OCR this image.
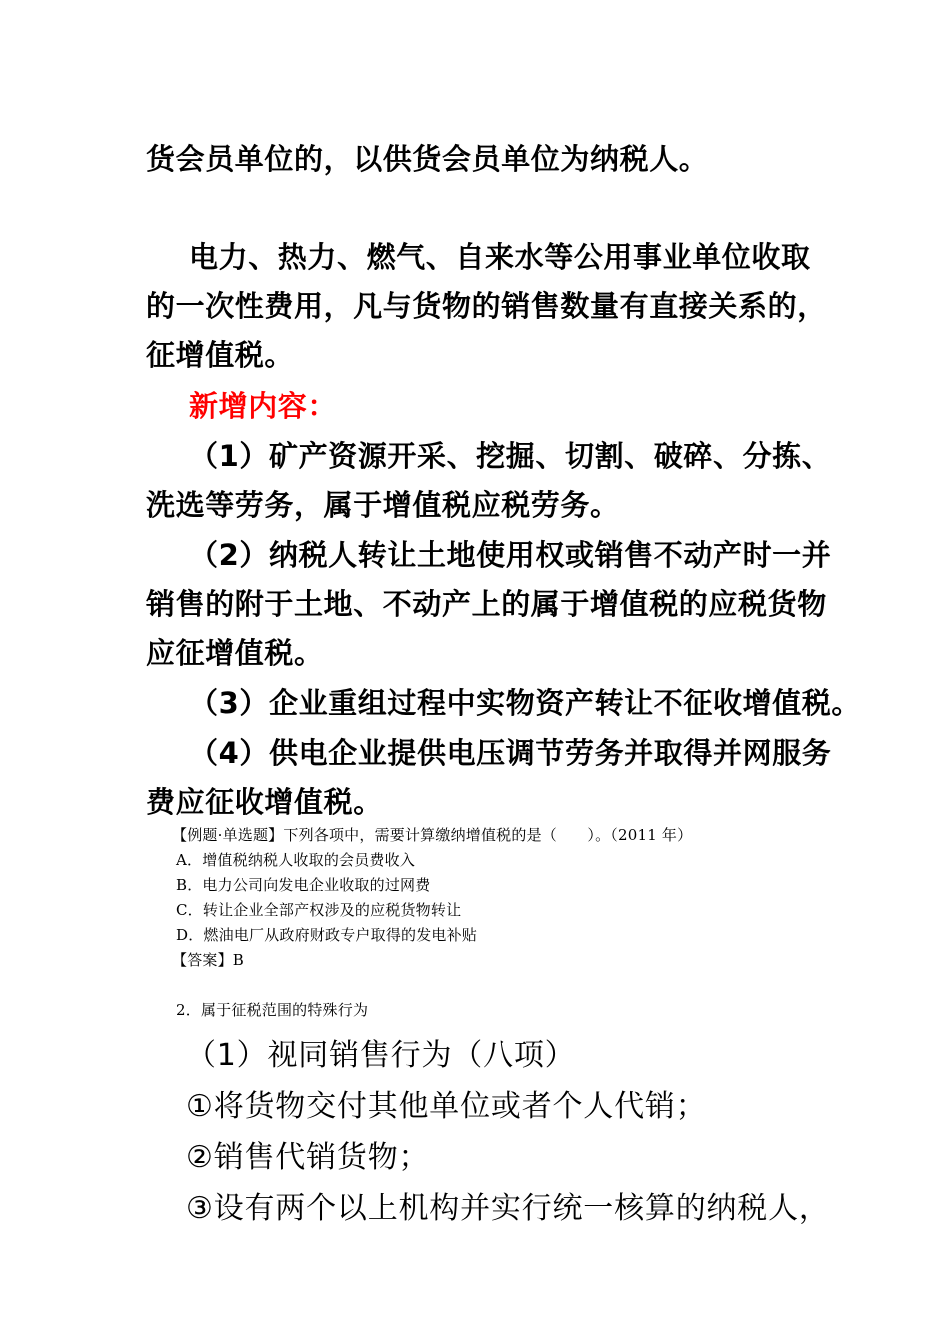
货会员单位的，以供货会员单位为纳税人。
电力、热力、燃气、自来水等公用事业单位收取
的一次性费用，凡与货物的销售数量有直接关系的，
征增值税。
新增内容：
（1）矿产资源开采、挖掘、切割、破碎、分拣、
洗选等劳务，属于增值税应税劳务。
（2）纳税人转让土地使用权或销售不动产时一并
销售的附于土地、不动产上的属于增值税的应税货物
应征增值税。
（3）企业重组过程中实物资产转让不征收增值税。
（4）供电企业提供电压调节劳务并取得并网服务
费应征收增值税。
【例题·单选题】下列各项中，需要计算缴纳增值税的是（　　）。（2011 年）
A．增值税纳税人收取的会员费收入
B．电力公司向发电企业收取的过网费
C．转让企业全部产权涉及的应税货物转让
D．燃油电厂从政府财政专户取得的发电补贴
【答案】B
2．属于征税范围的特殊行为
（1）视同销售行为（八项）
①将货物交付其他单位或者个人代销；
②销售代销货物；
③设有两个以上机构并实行统一核算的纳税人，
